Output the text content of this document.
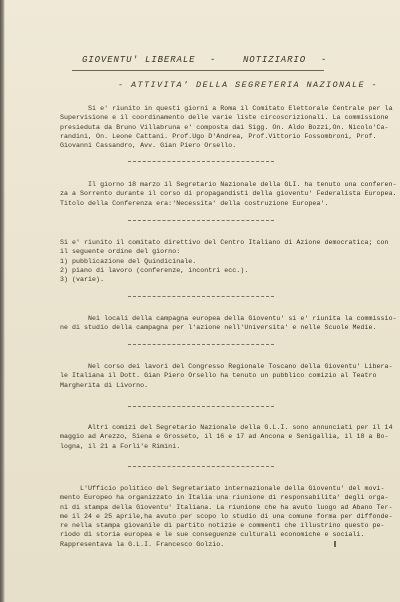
GIOVENTU' LIBERALE -	NOTIZIARIO -
- ATTIVITA' DELLA SEGRETERIA NAZIONALE -

Si e' riunito in questi giorni a Roma il Comitato Elettorale Centrale per la
Supervisione e il coordinamento delle varie liste circoscrizionali. La commissione
presieduta da Bruno Villabruna e' composta dai Sigg. On. Aldo Bozzi,On. Nicolo'Ca-
randini, On. Leone Cattani. Prof.Ugo D'Andrea, Prof.Vittorio Fossombroni, Prof.
Giovanni Cassandro, Avv. Gian Piero Orsello.

Il giorno 18 marzo il Segretario Nazionale della GLI. ha tenuto una conferen-
za a Sorrento durante il corso di propagandisti della gioventu' Federalista Europea.
Titolo della Conferenza era:'Necessita' della costruzione Europea'.

Si e' riunito il comitato direttivo del Centro Italiano di Azione democratica; con
il seguente ordine del giorno:
1) pubblicazione del Quindicinale.
2) piano di lavoro (conferenze, incontri ecc.).
3) (varie).

Nei locali della campagna europea della Gioventu' si e' riunita la commissio-
ne di studio della campagna per l'azione nell'Universita' e nelle Scuole Medie.

Nel corso dei lavori del Congresso Regionale Toscano della Gioventu' Libera-
le Italiana il Dott. Gian Piero Orsello ha tenuto un pubblico comizio al Teatro
Margherita di Livorno.

Altri comizi del Segretario Nazionale della G.L.I. sono annunciati per il 14
maggio ad Arezzo, Siena e Grosseto, il 16 e 17 ad Ancona e Senigallia, il 18 a Bo-
logna, il 21 a Forli'e Rimini.

L'Ufficio politico del Segretariato internazionale della Gioventu' del movi-
mento Europeo ha organizzato in Italia una riunione di responsabilita' degli orga-
ni di stampa della Gioventu' Italiana. La riunione che ha avuto luogo ad Abano Ter-
me il 24 e 25 aprile,ha avuto per scopo lo studio di una comune forma per diffonde-
re nella stampa giovanile di partito notizie e commenti che illustrino questo pe-
riodo di storia europea e le sue conseguenze culturali economiche e sociali.
Rappresentava la G.L.I. Francesco Golzio.
